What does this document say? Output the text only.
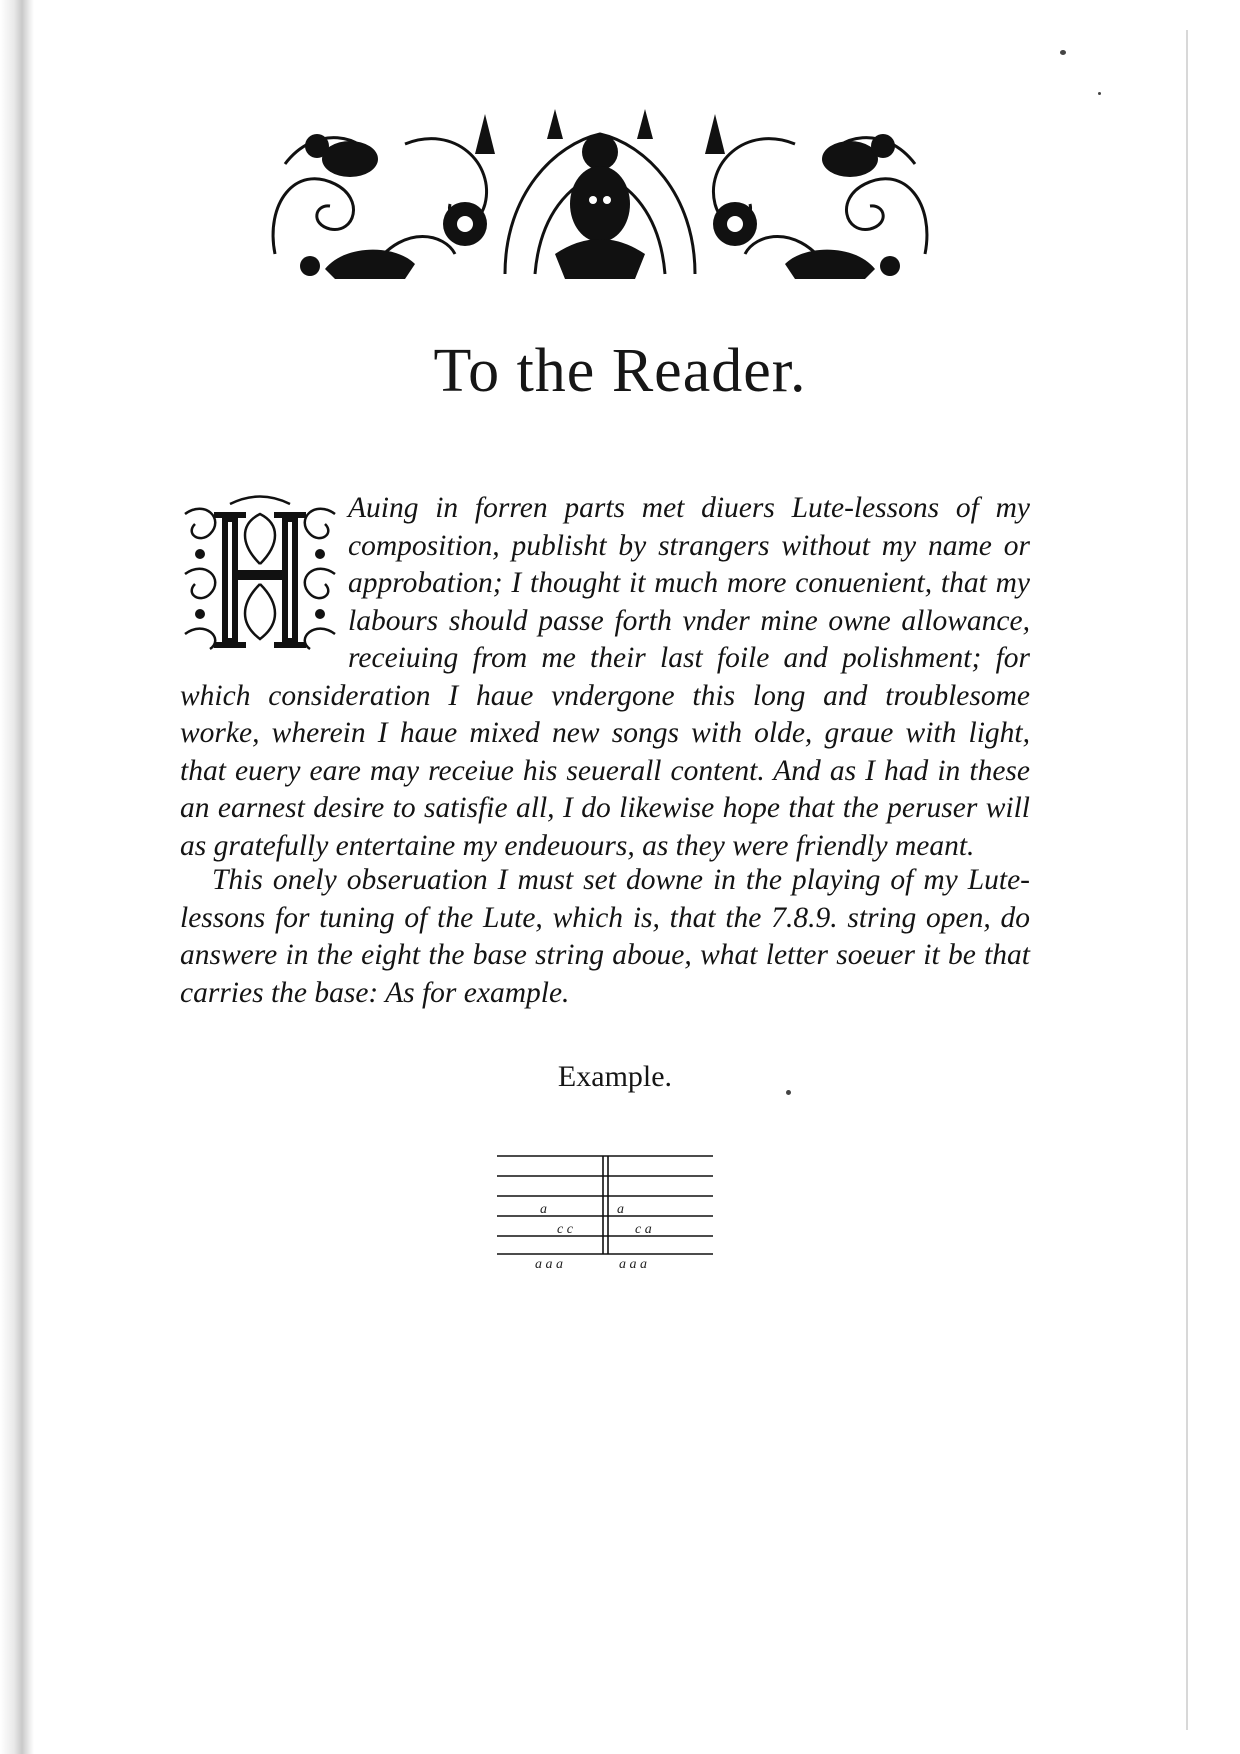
To the Reader.

Auing in forren parts met diuers Lute-lessons of my composition, publisht by strangers without my name or approbation; I thought it much more conuenient, that my labours should passe forth vnder mine owne allowance, receiuing from me their last foile and polishment; for which consideration I haue vndergone this long and troublesome worke, wherein I haue mixed new songs with olde, graue with light, that euery eare may receiue his seuerall content. And as I had in these an earnest desire to satisfie all, I do likewise hope that the peruser will as gratefully entertaine my endeuours, as they were friendly meant.

This onely obseruation I must set downe in the playing of my Lute-lessons for tuning of the Lute, which is, that the 7.8.9. string open, do answere in the eight the base string aboue, what letter soeuer it be that carries the base: As for example.

Example.
a
c c
a a a
a
c a
a a a
